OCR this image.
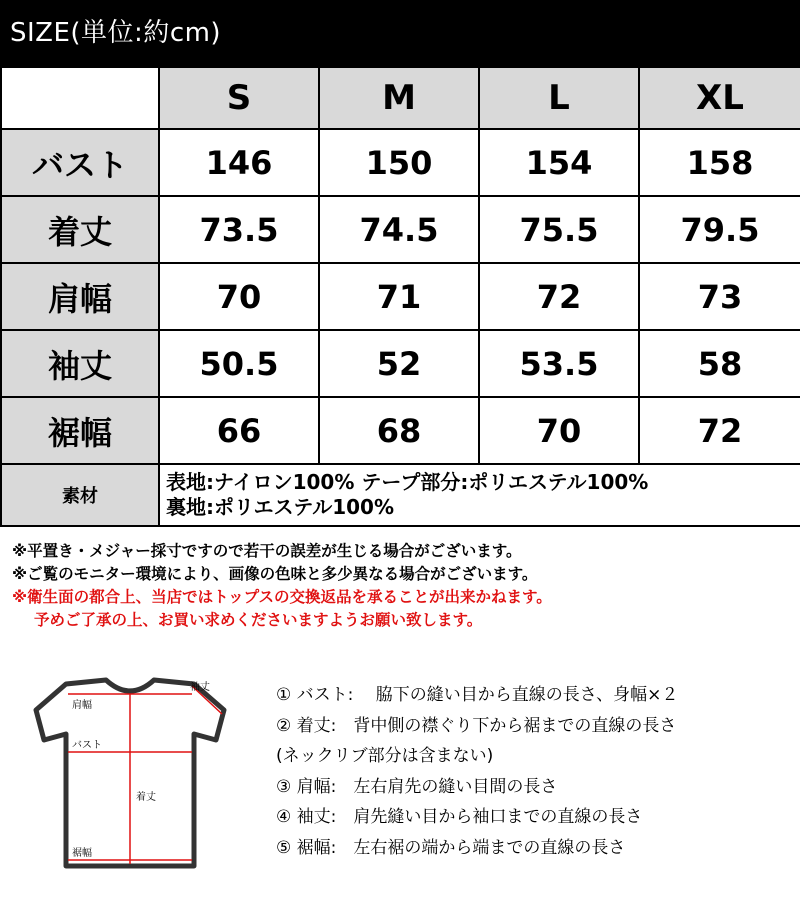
SIZE(単位:約cm)
	S	M	L	XL
バスト	146	150	154	158
着丈	73.5	74.5	75.5	79.5
肩幅	70	71	72	73
袖丈	50.5	52	53.5	58
裾幅	66	68	70	72
素材	表地:ナイロン100% テープ部分:ポリエステル100%
裏地:ポリエステル100%			
※平置き・メジャー採寸ですので若干の誤差が生じる場合がございます。
※ご覧のモニター環境により、画像の色味と多少異なる場合がございます。
※衛生面の都合上、当店ではトップスの交換返品を承ることが出来かねます。
予めご了承の上、お買い求めくださいますようお願い致します。
肩幅
袖丈
バスト
着丈
裾幅
① バスト:　 脇下の縫い目から直線の長さ、身幅×２
② 着丈:　背中側の襟ぐり下から裾までの直線の長さ
(ネックリブ部分は含まない)
③ 肩幅:　左右肩先の縫い目間の長さ
④ 袖丈:　肩先縫い目から袖口までの直線の長さ
⑤ 裾幅:　左右裾の端から端までの直線の長さ
